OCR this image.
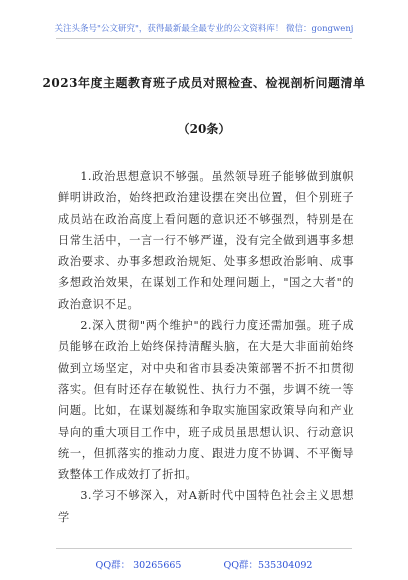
关注头条号"公文研究"，获得最新最全最专业的公文资料库！ 微信：gongwenj
2023年度主题教育班子成员对照检查、检视剖析问题清单
（20条）

1.政治思想意识不够强。虽然领导班子能够做到旗帜鲜明讲政治，始终把政治建设摆在突出位置，但个别班子成员站在政治高度上看问题的意识还不够强烈，特别是在日常生活中，一言一行不够严谨，没有完全做到遇事多想政治要求、办事多想政治规矩、处事多想政治影响、成事多想政治效果，在谋划工作和处理问题上，"国之大者"的政治意识不足。

2.深入贯彻"两个维护"的践行力度还需加强。班子成员能够在政治上始终保持清醒头脑，在大是大非面前始终做到立场坚定，对中央和省市县委决策部署不折不扣贯彻落实。但有时还存在敏锐性、执行力不强，步调不统一等问题。比如，在谋划凝练和争取实施国家政策导向和产业导向的重大项目工作中，班子成员虽思想认识、行动意识统一，但抓落实的推动力度、跟进力度不协调、不平衡导致整体工作成效打了折扣。

3.学习不够深入，对A新时代中国特色社会主义思想学

QQ群： 30265665	QQ群：535304092
